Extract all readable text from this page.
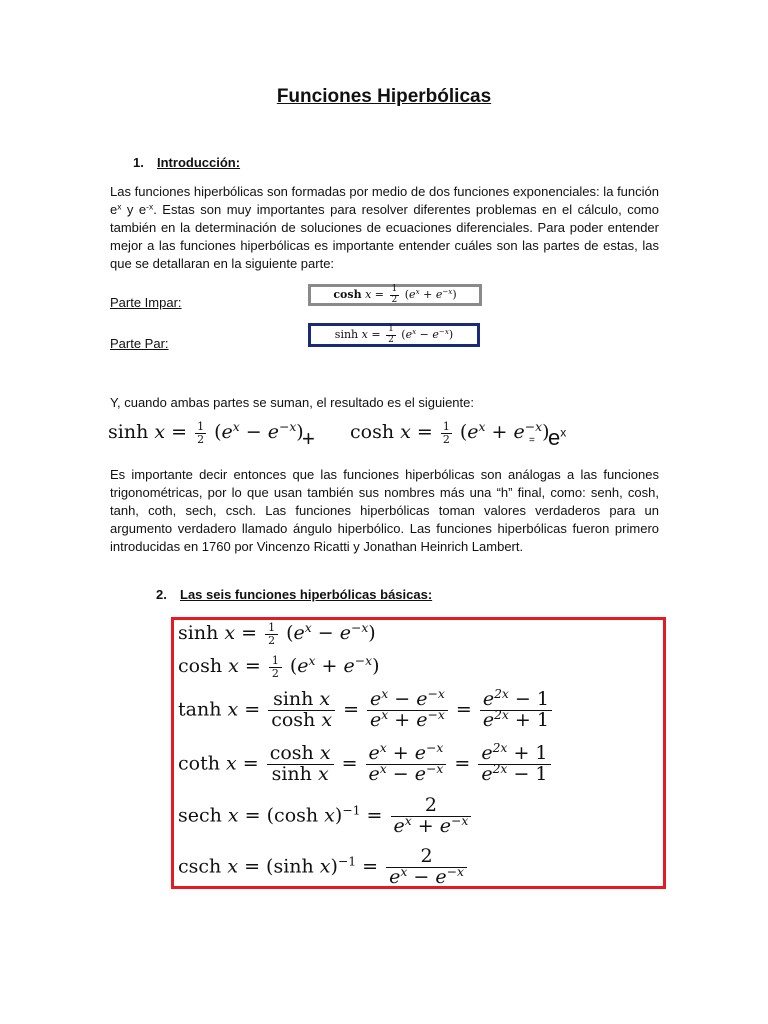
Funciones Hiperbólicas
1. Introducción:
Las funciones hiperbólicas son formadas por medio de dos funciones exponenciales: la función $e^x$ y $e^{-x}$. Estas son muy importantes para resolver diferentes problemas en el cálculo, como también en la determinación de soluciones de ecuaciones diferenciales. Para poder entender mejor a las funciones hiperbólicas es importante entender cuáles son las partes de estas, las que se detallaran en la siguiente parte:
Parte Impar:
$\cosh x = \frac{1}{2} (e^x + e^{-x})$
Parte Par:
$\sinh x = \frac{1}{2} (e^x - e^{-x})$
Y, cuando ambas partes se suman, el resultado es el siguiente:
$\sinh x = \frac{1}{2} (e^x - e^{-x})$
+ $\cosh x = \frac{1}{2} (e^x + e^{-x})$
= $e^x$
Es importante decir entonces que las funciones hiperbólicas son análogas a las funciones trigonométricas, por lo que usan también sus nombres más una “h” final, como: senh, cosh, tanh, coth, sech, csch. Las funciones hiperbólicas toman valores verdaderos para un argumento verdadero llamado ángulo hiperbólico. Las funciones hiperbólicas fueron primero introducidas en 1760 por Vincenzo Ricatti y Jonathan Heinrich Lambert.
2. Las seis funciones hiperbólicas básicas:
$\sinh x = \frac{1}{2} (e^x - e^{-x})$
$\cosh x = \frac{1}{2} (e^x + e^{-x})$
$\tanh x = \frac{\text{sinh x}}{\text{cosh x}} = \frac{e^x - e^{-x}}{e^x + e^{-x}} = \frac{e^{2x} - 1}{e^{2x} + 1}$
coth $x = \frac{\text{cosh x}}{\text{sinh x}} = \frac{e^x + e^{-x}}{e^x - e^{-x}} = \frac{e^{2x} + 1}{e^{2x} - 1}$
sech x = (cosh $x)^{-1} = \frac{2}{e^x + e^{-x}}$
csch x = (sinh $x)^{-1} = \frac{2}{e^x - e^{-x}}$
